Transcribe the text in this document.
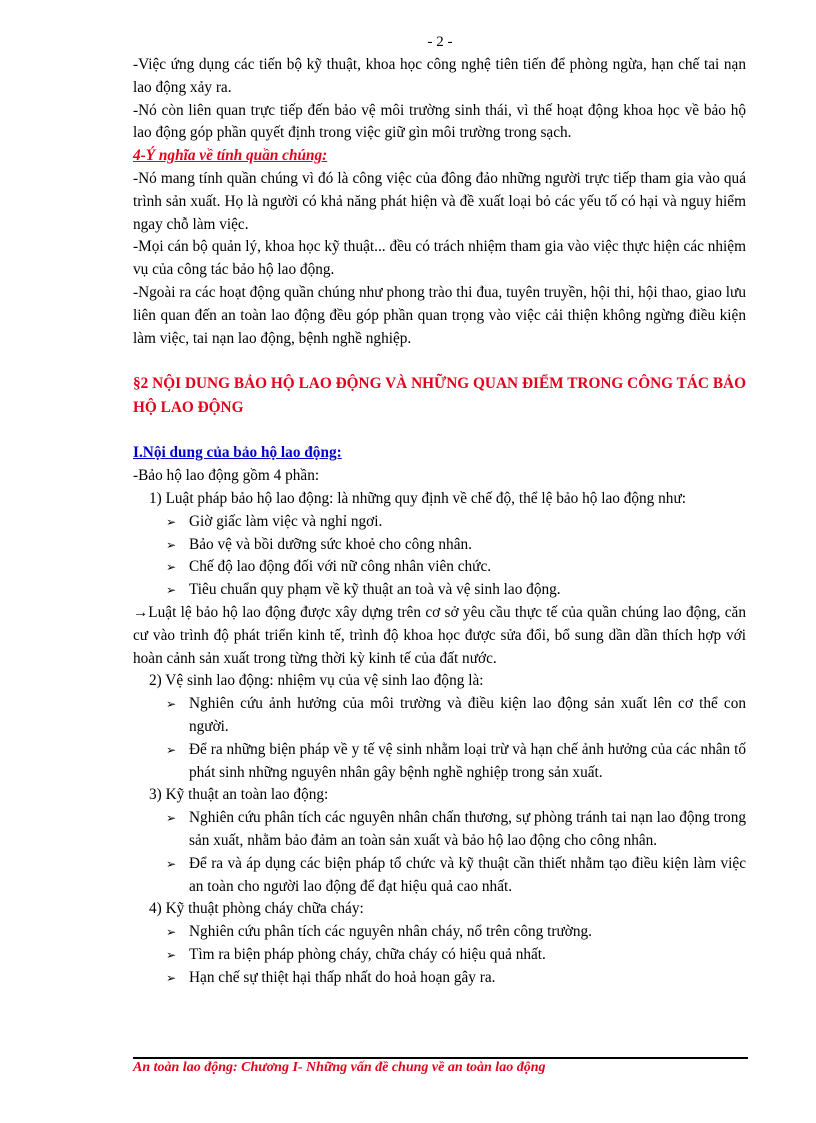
- 2 -

-Việc ứng dụng các tiến bộ kỹ thuật, khoa học công nghệ tiên tiến để phòng ngừa, hạn chế tai nạn lao động xảy ra.

-Nó còn liên quan trực tiếp đến bảo vệ môi trường sinh thái, vì thế hoạt động khoa học về bảo hộ lao động góp phần quyết định trong việc giữ gìn môi trường trong sạch.

4-Ý nghĩa về tính quần chúng:

-Nó mang tính quần chúng vì đó là công việc của đông đảo những người trực tiếp tham gia vào quá trình sản xuất. Họ là người có khả năng phát hiện và đề xuất loại bỏ các yếu tố có hại và nguy hiểm ngay chỗ làm việc.

-Mọi cán bộ quản lý, khoa học kỹ thuật... đều có trách nhiệm tham gia vào việc thực hiện các nhiệm vụ của công tác bảo hộ lao động.

-Ngoài ra các hoạt động quần chúng như phong trào thi đua, tuyên truyền, hội thi, hội thao, giao lưu liên quan đến an toàn lao động đều góp phần quan trọng vào việc cải thiện không ngừng điều kiện làm việc, tai nạn lao động, bệnh nghề nghiệp.

§2 NỘI DUNG BẢO HỘ LAO ĐỘNG VÀ NHỮNG QUAN ĐIỂM TRONG CÔNG TÁC BẢO HỘ LAO ĐỘNG

I.Nội dung của bảo hộ lao động:

-Bảo hộ lao động gồm 4 phần:

1) Luật pháp bảo hộ lao động: là những quy định về chế độ, thể lệ bảo hộ lao động như:

➢ Giờ giấc làm việc và nghỉ ngơi.

➢ Bảo vệ và bồi dưỡng sức khoẻ cho công nhân.

➢ Chế độ lao động đối với nữ công nhân viên chức.

➢ Tiêu chuẩn quy phạm về kỹ thuật an toà và vệ sinh lao động.

→Luật lệ bảo hộ lao động được xây dựng trên cơ sở yêu cầu thực tế của quần chúng lao động, căn cư vào trình độ phát triển kinh tế, trình độ khoa học được sửa đổi, bổ sung dần dần thích hợp với hoàn cảnh sản xuất trong từng thời kỳ kinh tế của đất nước.

2) Vệ sinh lao động: nhiệm vụ của vệ sinh lao động là:

➢ Nghiên cứu ảnh hưởng của môi trường và điều kiện lao động sản xuất lên cơ thể con người.

➢ Để ra những biện pháp về y tế vệ sinh nhằm loại trừ và hạn chế ảnh hưởng của các nhân tố phát sinh những nguyên nhân gây bệnh nghề nghiệp trong sản xuất.

3) Kỹ thuật an toàn lao động:

➢ Nghiên cứu phân tích các nguyên nhân chấn thương, sự phòng tránh tai nạn lao động trong sản xuất, nhằm bảo đảm an toàn sản xuất và bảo hộ lao động cho công nhân.

➢ Để ra và áp dụng các biện pháp tổ chức và kỹ thuật cần thiết nhằm tạo điều kiện làm việc an toàn cho người lao động để đạt hiệu quả cao nhất.

4) Kỹ thuật phòng cháy chữa cháy:

➢ Nghiên cứu phân tích các nguyên nhân cháy, nổ trên công trường.

➢ Tìm ra biện pháp phòng cháy, chữa cháy có hiệu quả nhất.

➢ Hạn chế sự thiệt hại thấp nhất do hoả hoạn gây ra.

An toàn lao động: Chương I- Những vấn đề chung về an toàn lao động
